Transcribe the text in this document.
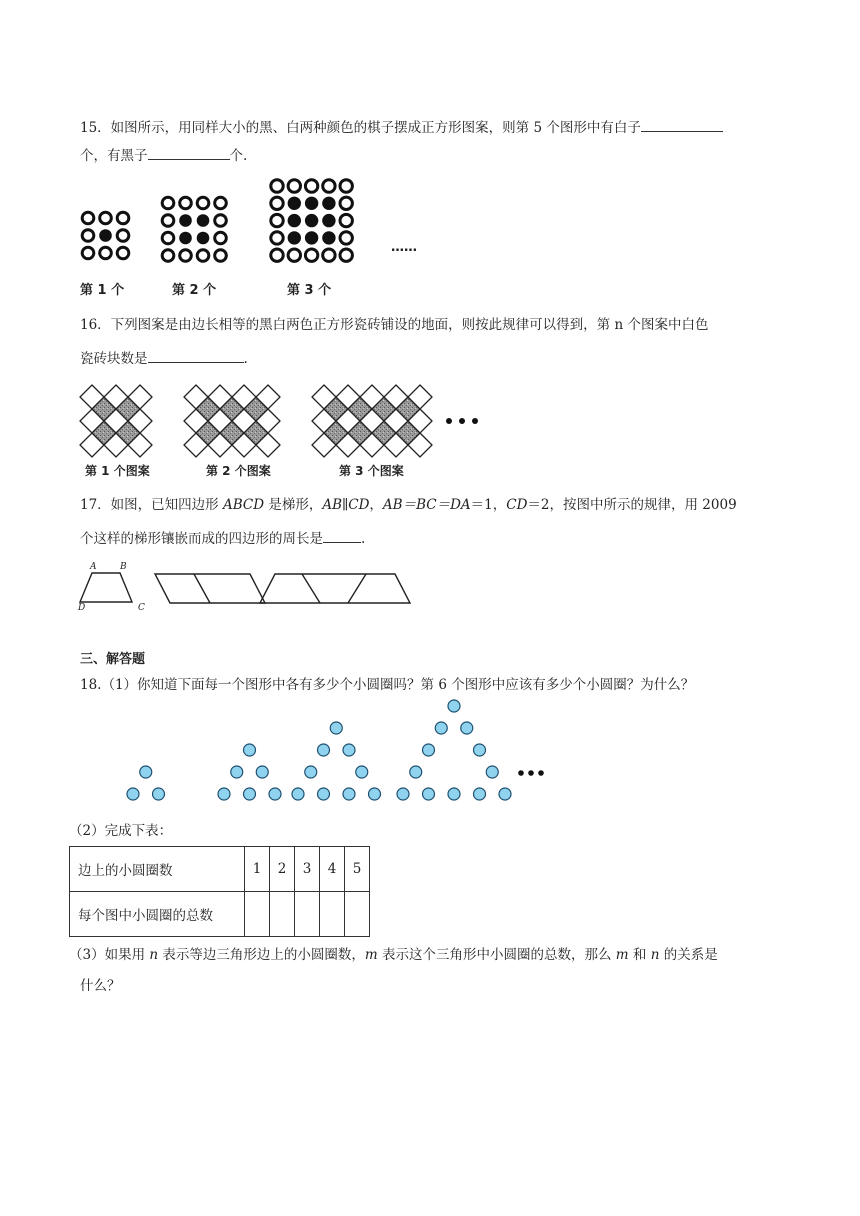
15．如图所示，用同样大小的黑、白两种颜色的棋子摆成正方形图案，则第 5 个图形中有白子
个，有黑子	个.
第 1 个	第 2 个	第 3 个
……
16．下列图案是由边长相等的黑白两色正方形瓷砖铺设的地面，则按此规律可以得到，第 n 个图案中白色
瓷砖块数是	.
第 1 个图案	第 2 个图案	第 3 个图案
17．如图，已知四边形 ABCD 是梯形，AB∥CD，AB＝BC＝DA＝1，CD＝2，按图中所示的规律，用 2009
个这样的梯形镶嵌而成的四边形的周长是	.
A	B
C
D
三、解答题
18.（1）你知道下面每一个图形中各有多少个小圆圈吗？第 6 个图形中应该有多少个小圆圈？为什么？
（2）完成下表：
边上的小圆圈数	1	2	3	4	5
每个图中小圆圈的总数					
（3）如果用 n 表示等边三角形边上的小圆圈数，m 表示这个三角形中小圆圈的总数，那么 m 和 n 的关系是
什么？
